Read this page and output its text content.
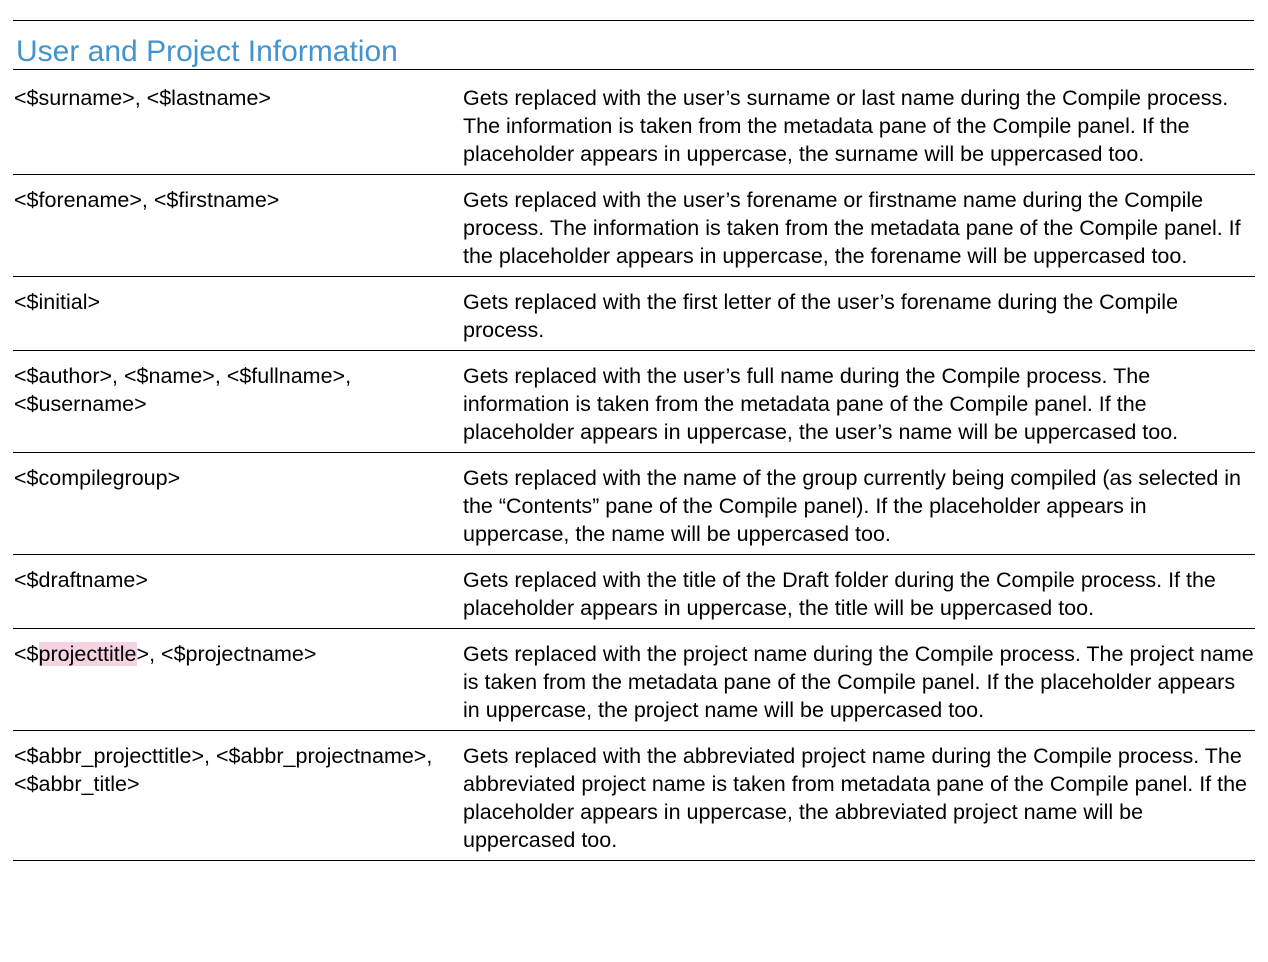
User and Project Information
<$surname>, <$lastname>	Gets replaced with the user’s surname or last name during the Compile process. The information is taken from the metadata pane of the Compile panel. If the placeholder appears in uppercase, the surname will be uppercased too.

<$forename>, <$firstname>	Gets replaced with the user’s forename or firstname name during the Compile process. The information is taken from the metadata pane of the Compile panel. If the placeholder appears in uppercase, the forename will be uppercased too.

<$initial>	Gets replaced with the first letter of the user’s forename during the Compile process.

<$author>, <$name>, <$fullname>, <$username>	Gets replaced with the user’s full name during the Compile process. The information is taken from the metadata pane of the Compile panel. If the placeholder appears in uppercase, the user’s name will be uppercased too.

<$compilegroup>	Gets replaced with the name of the group currently being compiled (as selected in the “Contents” pane of the Compile panel). If the placeholder appears in uppercase, the name will be uppercased too.

<$draftname>	Gets replaced with the title of the Draft folder during the Compile process. If the placeholder appears in uppercase, the title will be uppercased too.

<$projecttitle>, <$projectname>	Gets replaced with the project name during the Compile process. The project name is taken from the metadata pane of the Compile panel. If the placeholder appears in uppercase, the project name will be uppercased too.

<$abbr_projecttitle>, <$abbr_projectname>, <$abbr_title>	Gets replaced with the abbreviated project name during the Compile process. The abbreviated project name is taken from metadata pane of the Compile panel. If the placeholder appears in uppercase, the abbreviated project name will be uppercased too.
